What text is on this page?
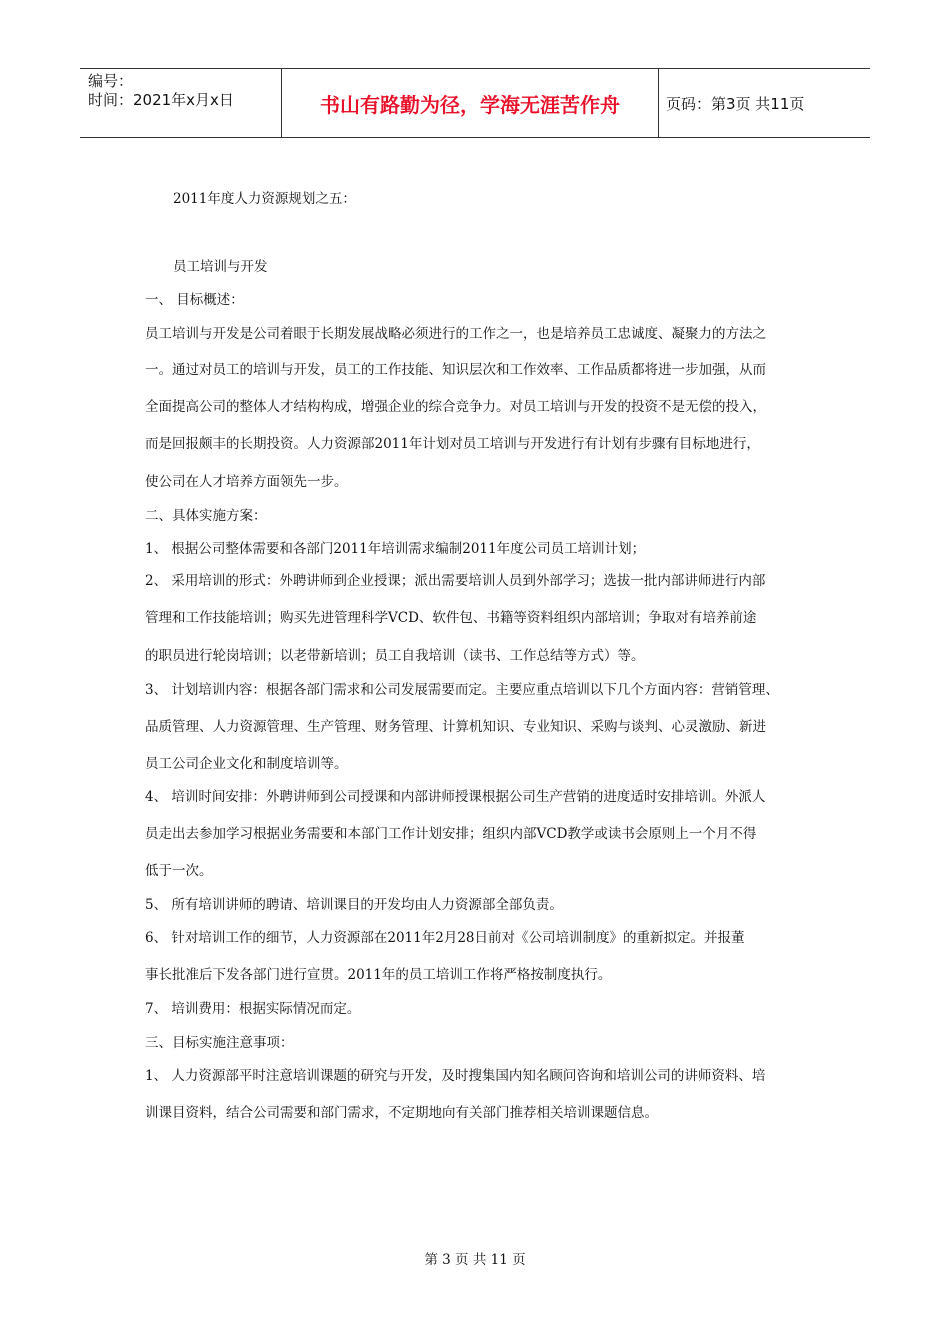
编号：
时间：2021年x月x日	书山有路勤为径，学海无涯苦作舟	页码：第3页 共11页
2011年度人力资源规划之五：
员工培训与开发
一、 目标概述：
员工培训与开发是公司着眼于长期发展战略必须进行的工作之一，也是培养员工忠诚度、凝聚力的方法之
一。通过对员工的培训与开发，员工的工作技能、知识层次和工作效率、工作品质都将进一步加强，从而
全面提高公司的整体人才结构构成，增强企业的综合竞争力。对员工培训与开发的投资不是无偿的投入，
而是回报颇丰的长期投资。人力资源部2011年计划对员工培训与开发进行有计划有步骤有目标地进行，
使公司在人才培养方面领先一步。
二、具体实施方案：
1、 根据公司整体需要和各部门2011年培训需求编制2011年度公司员工培训计划；
2、 采用培训的形式：外聘讲师到企业授课；派出需要培训人员到外部学习；选拔一批内部讲师进行内部
管理和工作技能培训；购买先进管理科学VCD、软件包、书籍等资料组织内部培训；争取对有培养前途
的职员进行轮岗培训；以老带新培训；员工自我培训（读书、工作总结等方式）等。
3、 计划培训内容：根据各部门需求和公司发展需要而定。主要应重点培训以下几个方面内容：营销管理、
品质管理、人力资源管理、生产管理、财务管理、计算机知识、专业知识、采购与谈判、心灵激励、新进
员工公司企业文化和制度培训等。
4、 培训时间安排：外聘讲师到公司授课和内部讲师授课根据公司生产营销的进度适时安排培训。外派人
员走出去参加学习根据业务需要和本部门工作计划安排；组织内部VCD教学或读书会原则上一个月不得
低于一次。
5、 所有培训讲师的聘请、培训课目的开发均由人力资源部全部负责。
6、 针对培训工作的细节，人力资源部在2011年2月28日前对《公司培训制度》的重新拟定。并报董
事长批准后下发各部门进行宣贯。2011年的员工培训工作将严格按制度执行。
7、 培训费用：根据实际情况而定。
三、目标实施注意事项：
1、 人力资源部平时注意培训课题的研究与开发，及时搜集国内知名顾问咨询和培训公司的讲师资料、培
训课目资料，结合公司需要和部门需求，不定期地向有关部门推荐相关培训课题信息。
第 3 页 共 11 页
